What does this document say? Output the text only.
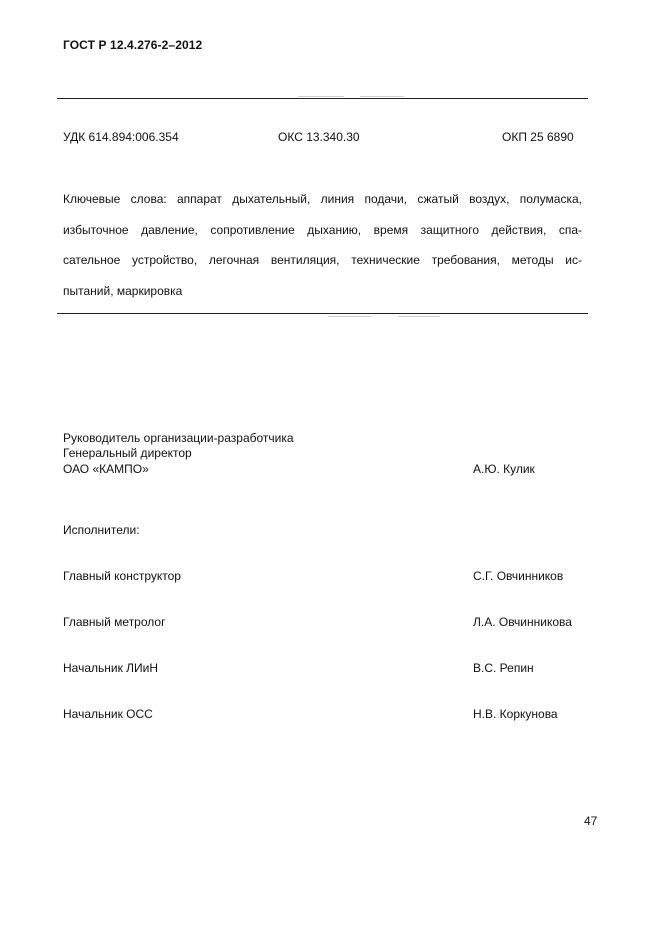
ГОСТ Р 12.4.276-2–2012
УДК 614.894:006.354	ОКС 13.340.30	ОКП 25 6890
Ключевые слова: аппарат дыхательный, линия подачи, сжатый воздух, полумаска,
избыточное давление, сопротивление дыханию, время защитного действия, спа-
сательное устройство, легочная вентиляция, технические требования, методы ис-
пытаний, маркировка
Руководитель организации-разработчика
Генеральный директор
ОАО «КАМПО»	А.Ю. Кулик
Исполнители:
Главный конструктор	С.Г. Овчинников
Главный метролог	Л.А. Овчинникова
Начальник ЛИиН	В.С. Репин
Начальник ОСС	Н.В. Коркунова
47
